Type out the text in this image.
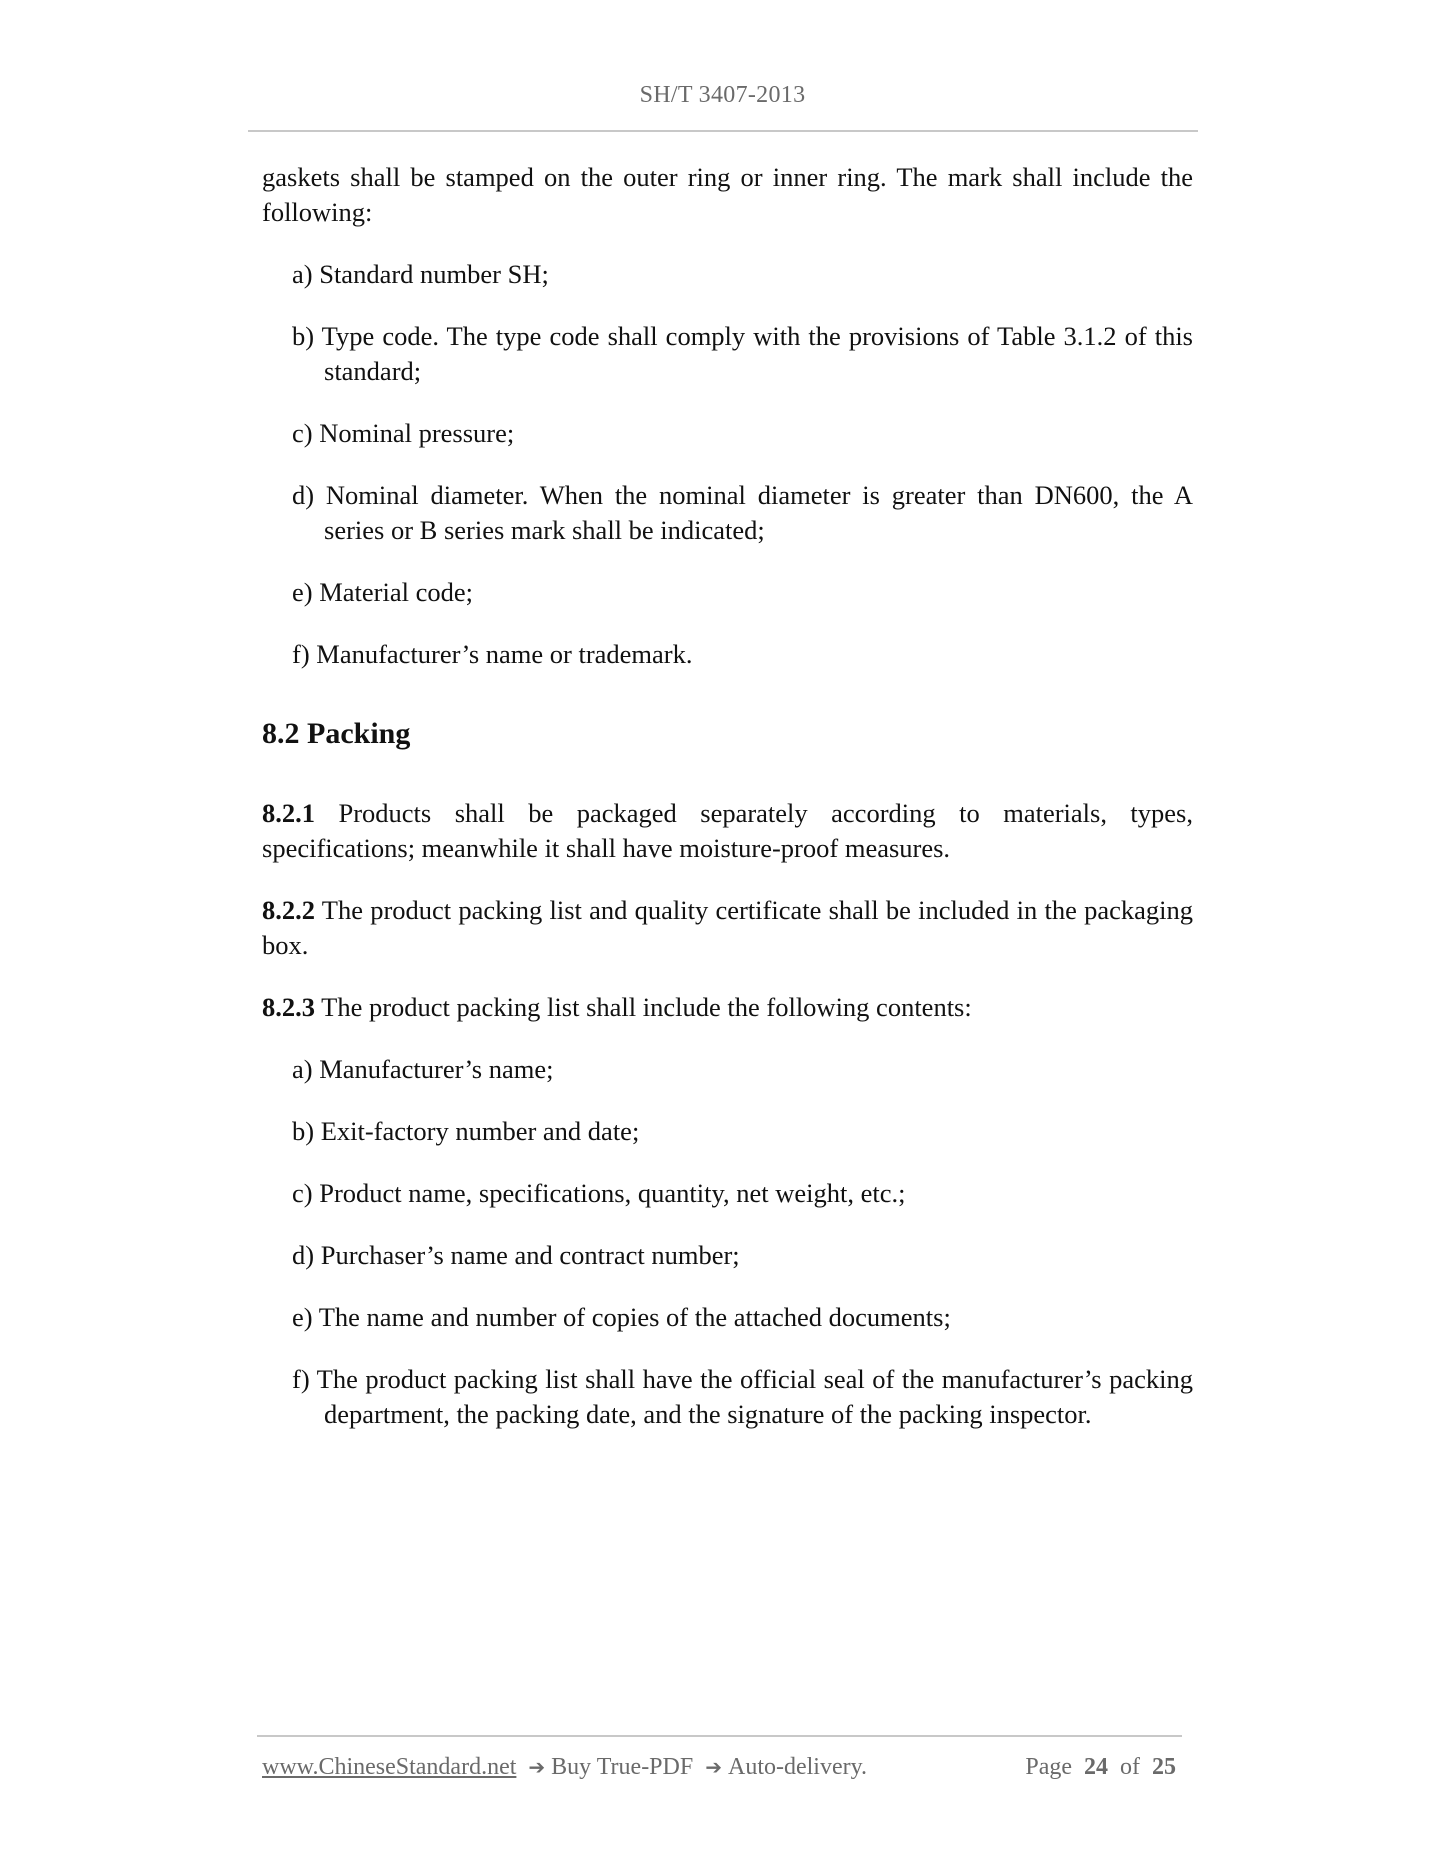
SH/T 3407-2013

gaskets shall be stamped on the outer ring or inner ring. The mark shall include the following:

a) Standard number SH;
b) Type code. The type code shall comply with the provisions of Table 3.1.2 of this standard;
c) Nominal pressure;
d) Nominal diameter. When the nominal diameter is greater than DN600, the A series or B series mark shall be indicated;
e) Material code;
f) Manufacturer’s name or trademark.
8.2 Packing

8.2.1 Products shall be packaged separately according to materials, types, specifications; meanwhile it shall have moisture-proof measures.

8.2.2 The product packing list and quality certificate shall be included in the packaging box.

8.2.3 The product packing list shall include the following contents:

a) Manufacturer’s name;
b) Exit-factory number and date;
c) Product name, specifications, quantity, net weight, etc.;
d) Purchaser’s name and contract number;
e) The name and number of copies of the attached documents;
f) The product packing list shall have the official seal of the manufacturer’s packing department, the packing date, and the signature of the packing inspector.
www.ChineseStandard.net ➔ Buy True-PDF ➔ Auto-delivery.	Page 24 of 25
